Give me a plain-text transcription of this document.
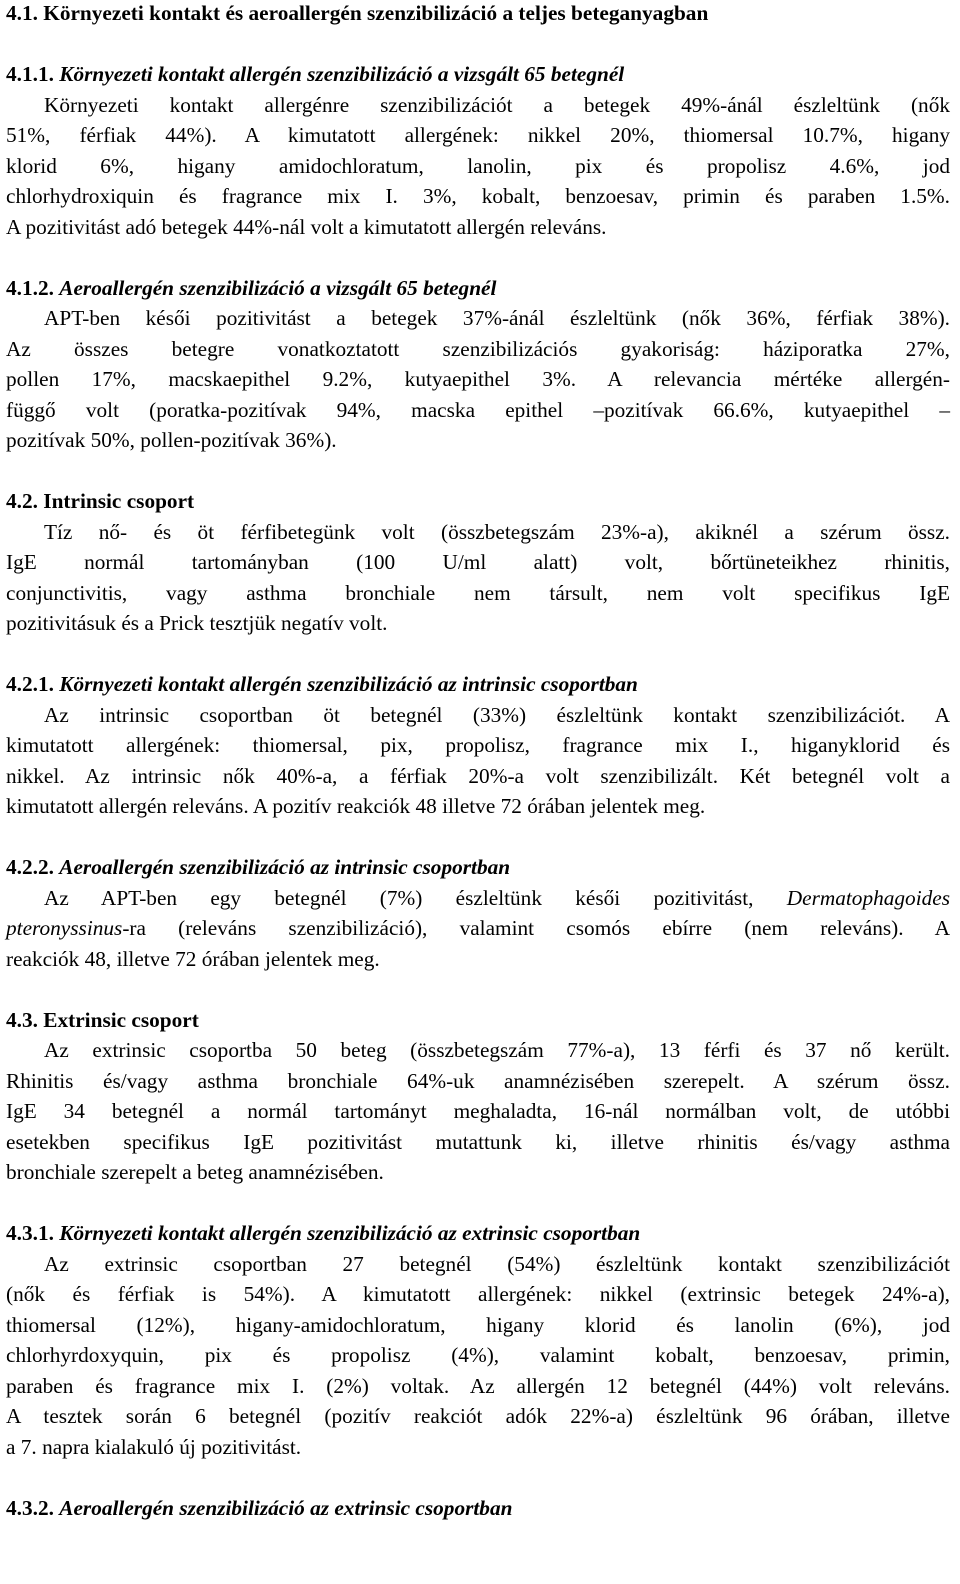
4.1. Környezeti kontakt és aeroallergén szenzibilizáció a teljes beteganyagban
4.1.1. Környezeti kontakt allergén szenzibilizáció a vizsgált 65 betegnél
Környezeti kontakt allergénre szenzibilizációt a betegek 49%-ánál észleltünk (nők
51%, férfiak 44%). A kimutatott allergének: nikkel 20%, thiomersal 10.7%, higany
klorid 6%, higany amidochloratum, lanolin, pix és propolisz 4.6%, jod
chlorhydroxiquin és fragrance mix I. 3%, kobalt, benzoesav, primin és paraben 1.5%.
A pozitivitást adó betegek 44%-nál volt a kimutatott allergén releváns.
4.1.2. Aeroallergén szenzibilizáció a vizsgált 65 betegnél
APT-ben késői pozitivitást a betegek 37%-ánál észleltünk (nők 36%, férfiak 38%).
Az összes betegre vonatkoztatott szenzibilizációs gyakoriság: háziporatka 27%,
pollen 17%, macskaepithel 9.2%, kutyaepithel 3%. A relevancia mértéke allergén-
függő volt (poratka-pozitívak 94%, macska epithel –pozitívak 66.6%, kutyaepithel –
pozitívak 50%, pollen-pozitívak 36%).
4.2. Intrinsic csoport
Tíz nő- és öt férfibetegünk volt (összbetegszám 23%-a), akiknél a szérum össz.
IgE normál tartományban (100 U/ml alatt) volt, bőrtüneteikhez rhinitis,
conjunctivitis, vagy asthma bronchiale nem társult, nem volt specifikus IgE
pozitivitásuk és a Prick tesztjük negatív volt.
4.2.1. Környezeti kontakt allergén szenzibilizáció az intrinsic csoportban
Az intrinsic csoportban öt betegnél (33%) észleltünk kontakt szenzibilizációt. A
kimutatott allergének: thiomersal, pix, propolisz, fragrance mix I., higanyklorid és
nikkel. Az intrinsic nők 40%-a, a férfiak 20%-a volt szenzibilizált. Két betegnél volt a
kimutatott allergén releváns. A pozitív reakciók 48 illetve 72 órában jelentek meg.
4.2.2. Aeroallergén szenzibilizáció az intrinsic csoportban
Az APT-ben egy betegnél (7%) észleltünk késői pozitivitást, Dermatophagoides
pteronyssinus-ra (releváns szenzibilizáció), valamint csomós ebírre (nem releváns). A
reakciók 48, illetve 72 órában jelentek meg.
4.3. Extrinsic csoport
Az extrinsic csoportba 50 beteg (összbetegszám 77%-a), 13 férfi és 37 nő került.
Rhinitis és/vagy asthma bronchiale 64%-uk anamnézisében szerepelt. A szérum össz.
IgE 34 betegnél a normál tartományt meghaladta, 16-nál normálban volt, de utóbbi
esetekben specifikus IgE pozitivitást mutattunk ki, illetve rhinitis és/vagy asthma
bronchiale szerepelt a beteg anamnézisében.
4.3.1. Környezeti kontakt allergén szenzibilizáció az extrinsic csoportban
Az extrinsic csoportban 27 betegnél (54%) észleltünk kontakt szenzibilizációt
(nők és férfiak is 54%). A kimutatott allergének: nikkel (extrinsic betegek 24%-a),
thiomersal (12%), higany-amidochloratum, higany klorid és lanolin (6%), jod
chlorhyrdoxyquin, pix és propolisz (4%), valamint kobalt, benzoesav, primin,
paraben és fragrance mix I. (2%) voltak. Az allergén 12 betegnél (44%) volt releváns.
A tesztek során 6 betegnél (pozitív reakciót adók 22%-a) észleltünk 96 órában, illetve
a 7. napra kialakuló új pozitivitást.
4.3.2. Aeroallergén szenzibilizáció az extrinsic csoportban
